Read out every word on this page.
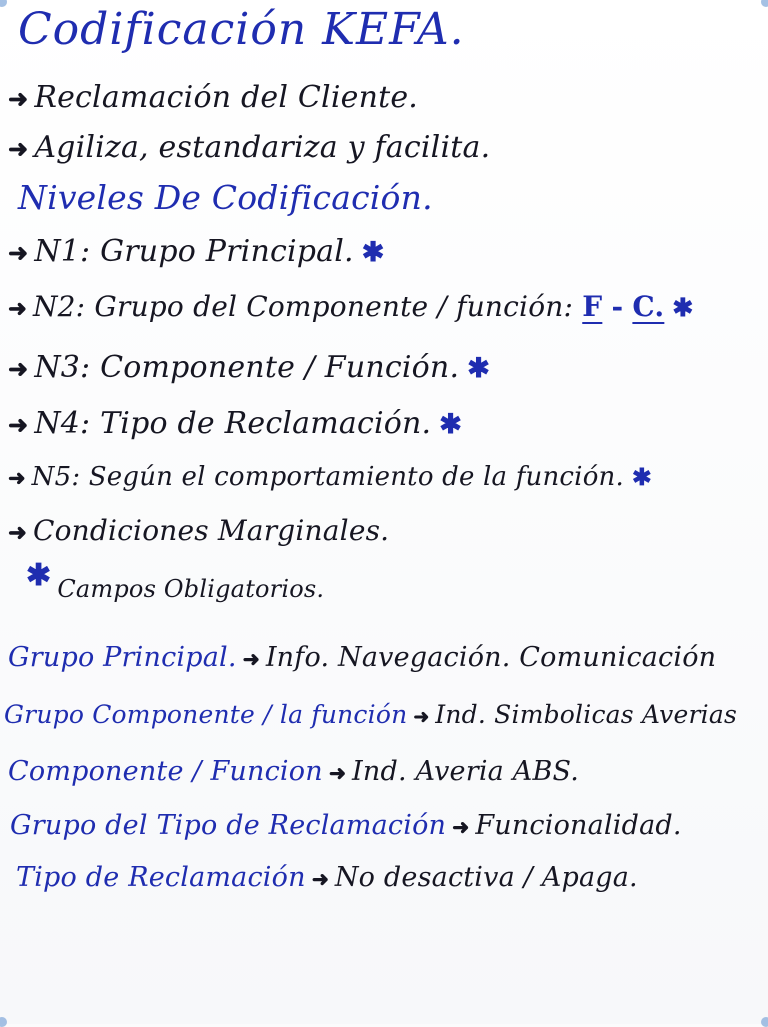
Codificación KEFA.
➜ Reclamación del Cliente.
➜ Agiliza, estandariza y facilita.
Niveles De Codificación.
➜ N1: Grupo Principal. ✱
➜ N2: Grupo del Componente / función: F - C. ✱
➜ N3: Componente / Función. ✱
➜ N4: Tipo de Reclamación. ✱
➜ N5: Según el comportamiento de la función. ✱
➜ Condiciones Marginales.
✱ Campos Obligatorios.
Grupo Principal. ➜ Info. Navegación. Comunicación
Grupo Componente / la función ➜ Ind. Simbolicas Averias
Componente / Funcion ➜ Ind. Averia ABS.
Grupo del Tipo de Reclamación ➜ Funcionalidad.
Tipo de Reclamación ➜ No desactiva / Apaga.
